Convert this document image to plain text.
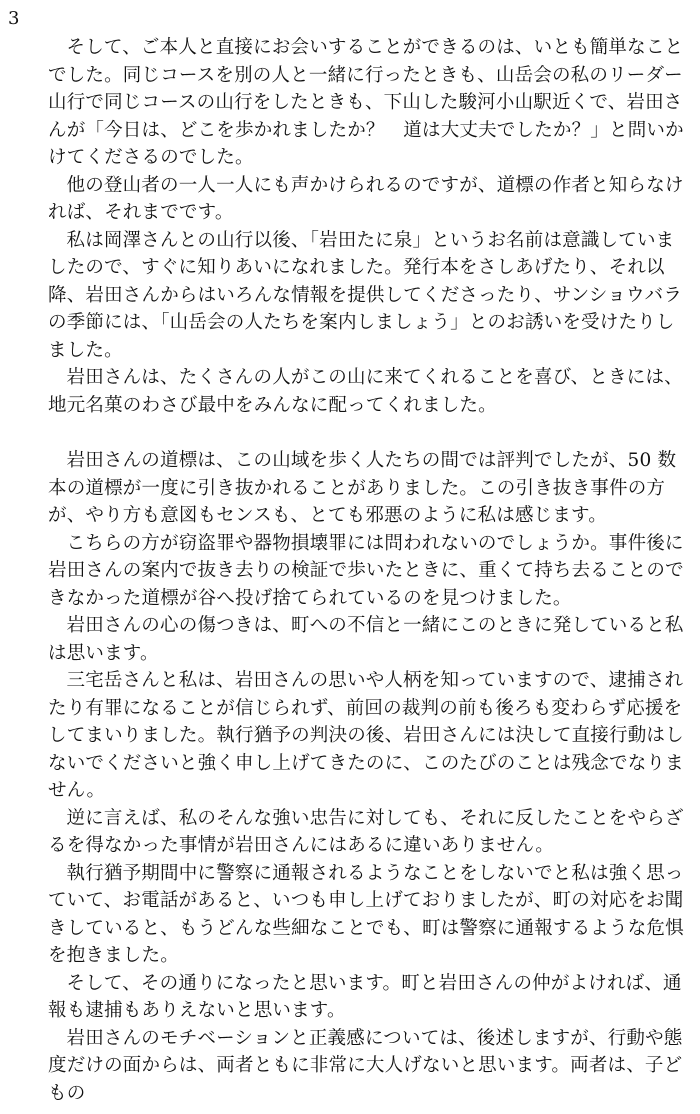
3

そして、ご本人と直接にお会いすることができるのは、いとも簡単なことでした。同じコースを別の人と一緒に行ったときも、山岳会の私のリーダー山行で同じコースの山行をしたときも、下山した駿河小山駅近くで、岩田さんが「今日は、どこを歩かれましたか？　道は大丈夫でしたか？」と問いかけてくださるのでした。

他の登山者の一人一人にも声かけられるのですが、道標の作者と知らなければ、それまでです。

私は岡澤さんとの山行以後、「岩田たに泉」というお名前は意識していましたので、すぐに知りあいになれました。発行本をさしあげたり、それ以降、岩田さんからはいろんな情報を提供してくださったり、サンショウバラの季節には、「山岳会の人たちを案内しましょう」とのお誘いを受けたりしました。

岩田さんは、たくさんの人がこの山に来てくれることを喜び、ときには、地元名菓のわさび最中をみんなに配ってくれました。

岩田さんの道標は、この山域を歩く人たちの間では評判でしたが、50 数本の道標が一度に引き抜かれることがありました。この引き抜き事件の方が、やり方も意図もセンスも、とても邪悪のように私は感じます。

こちらの方が窃盗罪や器物損壊罪には問われないのでしょうか。事件後に岩田さんの案内で抜き去りの検証で歩いたときに、重くて持ち去ることのできなかった道標が谷へ投げ捨てられているのを見つけました。

岩田さんの心の傷つきは、町への不信と一緒にこのときに発していると私は思います。

三宅岳さんと私は、岩田さんの思いや人柄を知っていますので、逮捕されたり有罪になることが信じられず、前回の裁判の前も後ろも変わらず応援をしてまいりました。執行猶予の判決の後、岩田さんには決して直接行動はしないでくださいと強く申し上げてきたのに、このたびのことは残念でなりません。

逆に言えば、私のそんな強い忠告に対しても、それに反したことをやらざるを得なかった事情が岩田さんにはあるに違いありません。

執行猶予期間中に警察に通報されるようなことをしないでと私は強く思っていて、お電話があると、いつも申し上げておりましたが、町の対応をお聞きしていると、もうどんな些細なことでも、町は警察に通報するような危惧を抱きました。

そして、その通りになったと思います。町と岩田さんの仲がよければ、通報も逮捕もありえないと思います。

岩田さんのモチベーションと正義感については、後述しますが、行動や態度だけの面からは、両者ともに非常に大人げないと思います。両者は、子どもの
